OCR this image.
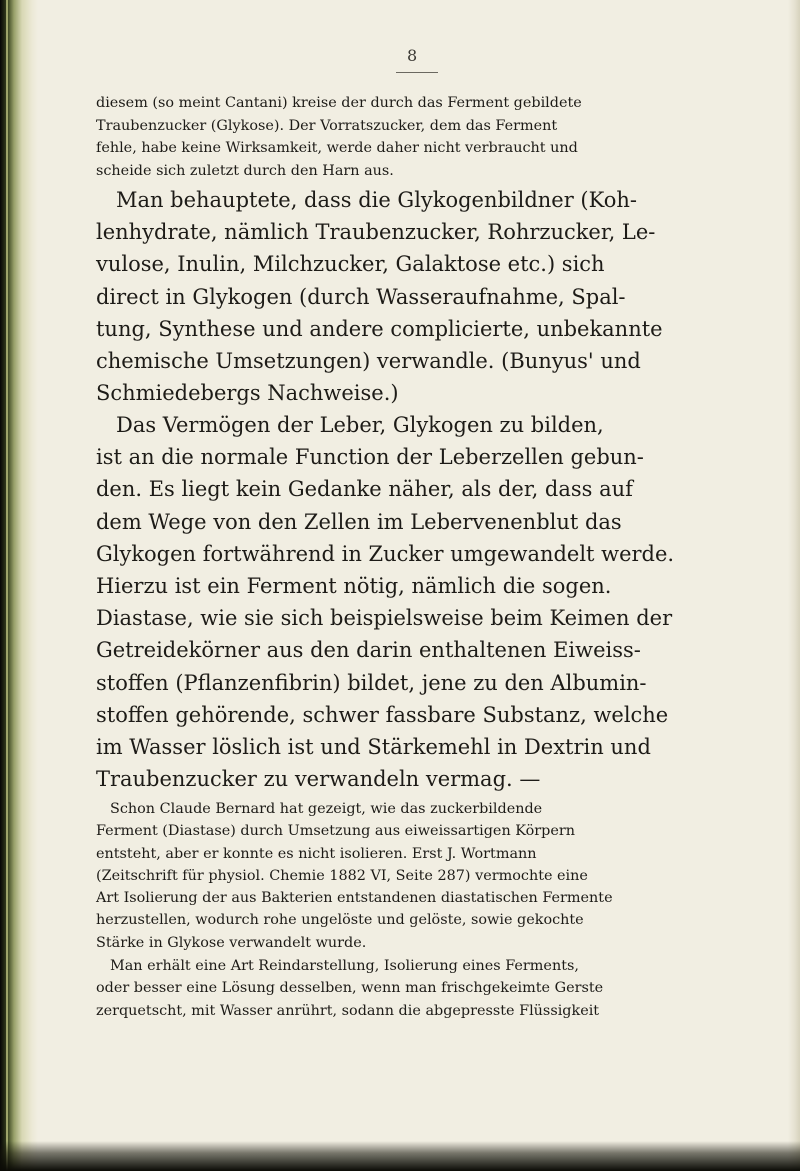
8
diesem (so meint Cantani) kreise der durch das Ferment gebildete
Traubenzucker (Glykose). Der Vorratszucker, dem das Ferment
fehle, habe keine Wirksamkeit, werde daher nicht verbraucht und
scheide sich zuletzt durch den Harn aus.
Man behauptete, dass die Glykogenbildner (Koh-
lenhydrate, nämlich Traubenzucker, Rohrzucker, Le-
vulose, Inulin, Milchzucker, Galaktose etc.) sich
direct in Glykogen (durch Wasseraufnahme, Spal-
tung, Synthese und andere complicierte, unbekannte
chemische Umsetzungen) verwandle. (Bunyus' und
Schmiedebergs Nachweise.)
Das Vermögen der Leber, Glykogen zu bilden,
ist an die normale Function der Leberzellen gebun-
den. Es liegt kein Gedanke näher, als der, dass auf
dem Wege von den Zellen im Lebervenenblut das
Glykogen fortwährend in Zucker umgewandelt werde.
Hierzu ist ein Ferment nötig, nämlich die sogen.
Diastase, wie sie sich beispielsweise beim Keimen der
Getreidekörner aus den darin enthaltenen Eiweiss-
stoffen (Pflanzenfibrin) bildet, jene zu den Albumin-
stoffen gehörende, schwer fassbare Substanz, welche
im Wasser löslich ist und Stärkemehl in Dextrin und
Traubenzucker zu verwandeln vermag. —
Schon Claude Bernard hat gezeigt, wie das zuckerbildende
Ferment (Diastase) durch Umsetzung aus eiweissartigen Körpern
entsteht, aber er konnte es nicht isolieren. Erst J. Wortmann
(Zeitschrift für physiol. Chemie 1882 VI, Seite 287) vermochte eine
Art Isolierung der aus Bakterien entstandenen diastatischen Fermente
herzustellen, wodurch rohe ungelöste und gelöste, sowie gekochte
Stärke in Glykose verwandelt wurde.
Man erhält eine Art Reindarstellung, Isolierung eines Ferments,
oder besser eine Lösung desselben, wenn man frischgekeimte Gerste
zerquetscht, mit Wasser anrührt, sodann die abgepresste Flüssigkeit
